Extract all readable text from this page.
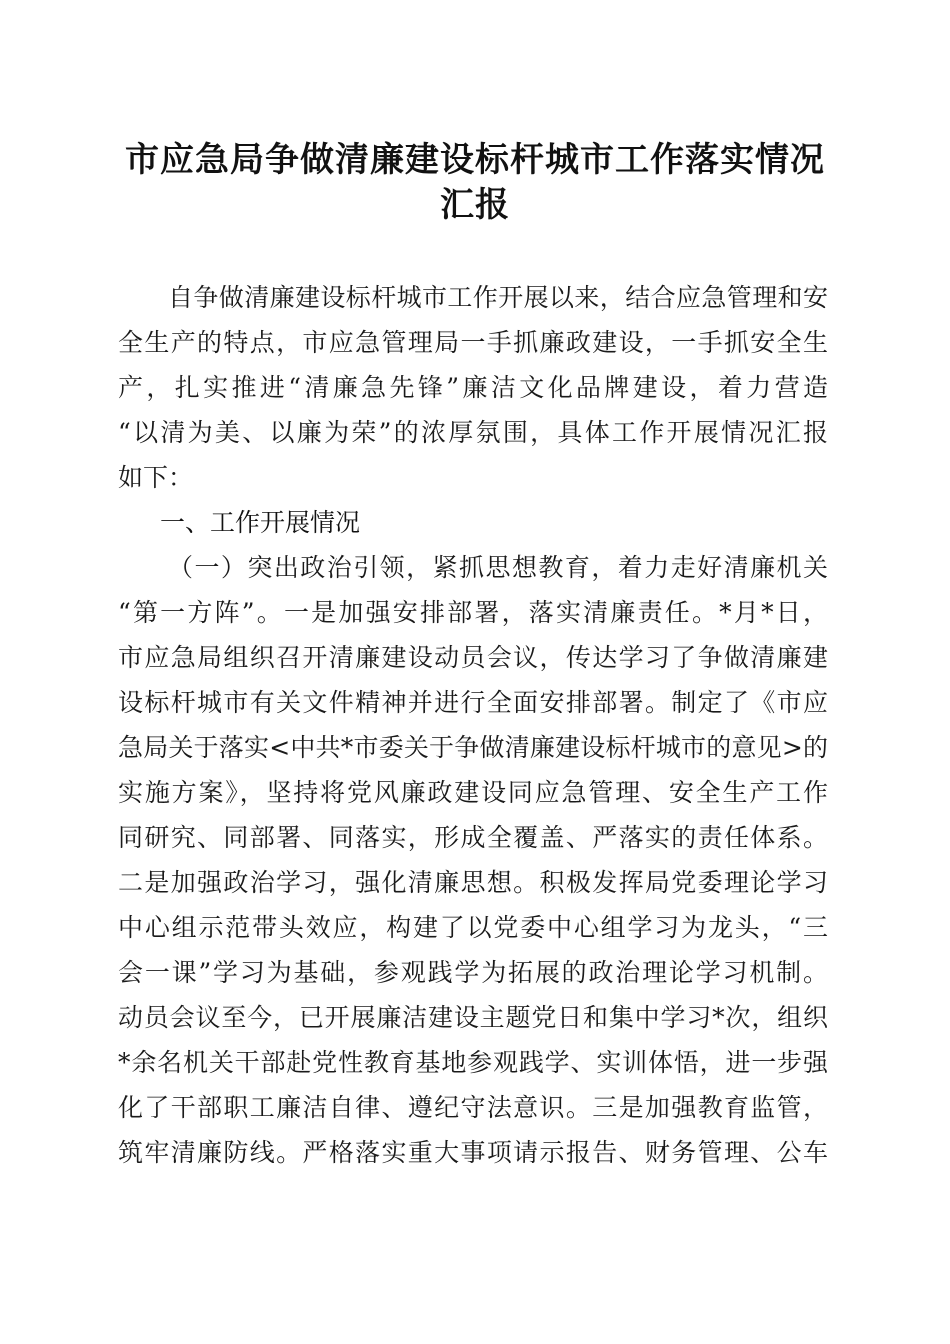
市应急局争做清廉建设标杆城市工作落实情况
汇报
自争做清廉建设标杆城市工作开展以来，结合应急管理和安
全生产的特点，市应急管理局一手抓廉政建设，一手抓安全生
产，扎实推进“清廉急先锋”廉洁文化品牌建设，着力营造
“以清为美、以廉为荣”的浓厚氛围，具体工作开展情况汇报
如下：
一、工作开展情况
（一）突出政治引领，紧抓思想教育，着力走好清廉机关
“第一方阵”。一是加强安排部署，落实清廉责任。*月*日，
市应急局组织召开清廉建设动员会议，传达学习了争做清廉建
设标杆城市有关文件精神并进行全面安排部署。制定了《市应
急局关于落实<中共*市委关于争做清廉建设标杆城市的意见>的
实施方案》，坚持将党风廉政建设同应急管理、安全生产工作
同研究、同部署、同落实，形成全覆盖、严落实的责任体系。
二是加强政治学习，强化清廉思想。积极发挥局党委理论学习
中心组示范带头效应，构建了以党委中心组学习为龙头，“三
会一课”学习为基础，参观践学为拓展的政治理论学习机制。
动员会议至今，已开展廉洁建设主题党日和集中学习*次，组织
*余名机关干部赴党性教育基地参观践学、实训体悟，进一步强
化了干部职工廉洁自律、遵纪守法意识。三是加强教育监管，
筑牢清廉防线。严格落实重大事项请示报告、财务管理、公车
